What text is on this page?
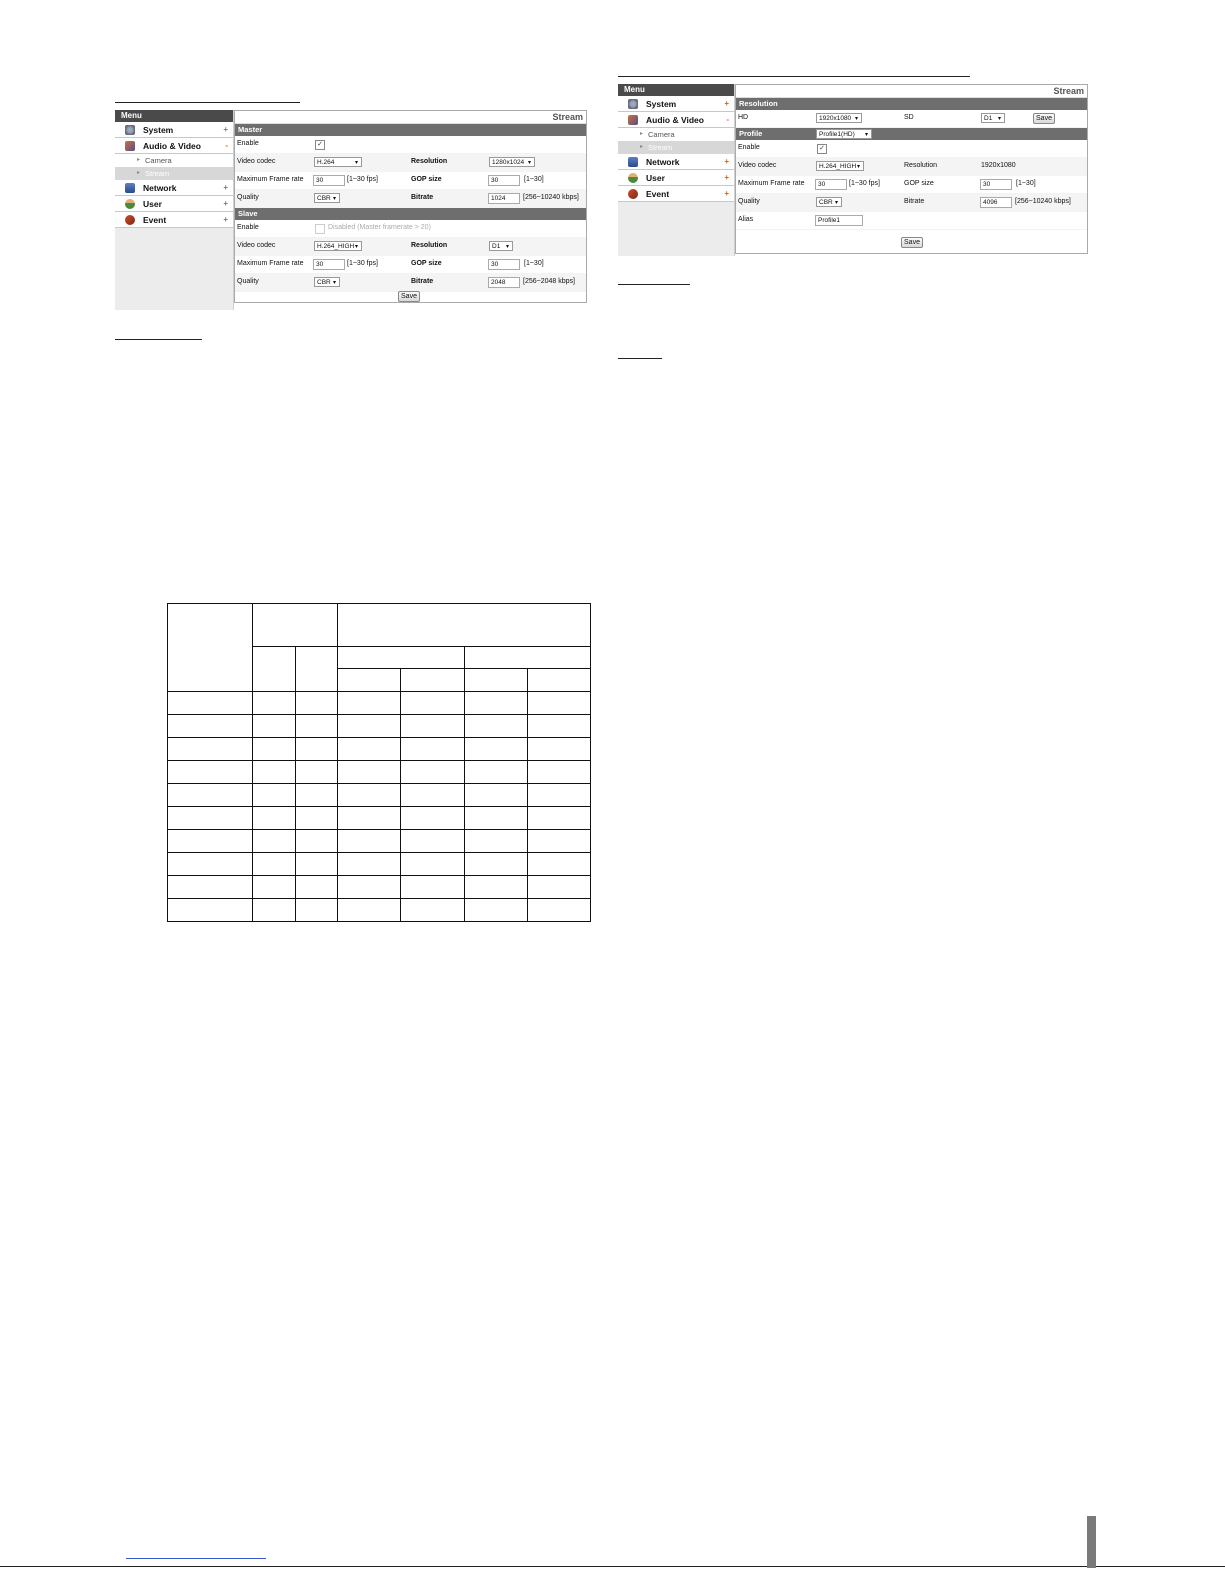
Menu
System	+
Audio & Video	-
▸ Camera
▸ Stream
Network	+
User	+
Event	+
Stream
Master
Enable	✓
Video codec	H.264	▾	Resolution	1280x1024 ▾
Maximum Frame rate	30	[1~30 fps]	GOP size	30	[1~30]
Quality	CBR ▾	Bitrate	1024	[256~10240 kbps]
Slave
Enable	Disabled (Master framerate > 20)
Video codec	H.264_HIGH ▾	Resolution	D1 ▾
Maximum Frame rate	30	[1~30 fps]	GOP size	30	[1~30]
Quality	CBR ▾	Bitrate	2048	[256~2048 kbps]
Save
Menu
System	+
Audio & Video	-
▸ Camera
▸ Stream
Network	+
User	+
Event	+
Stream
Resolution
HD	1920x1080 ▾	SD	D1 ▾	Save
Profile	Profile1(HD) ▾
Enable	✓
Video codec	H.264_HIGH ▾	Resolution	1920x1080
Maximum Frame rate	30	[1~30 fps]	GOP size	30	[1~30]
Quality	CBR ▾	Bitrate	4096	[256~10240 kbps]
Alias	Profile1
Save
